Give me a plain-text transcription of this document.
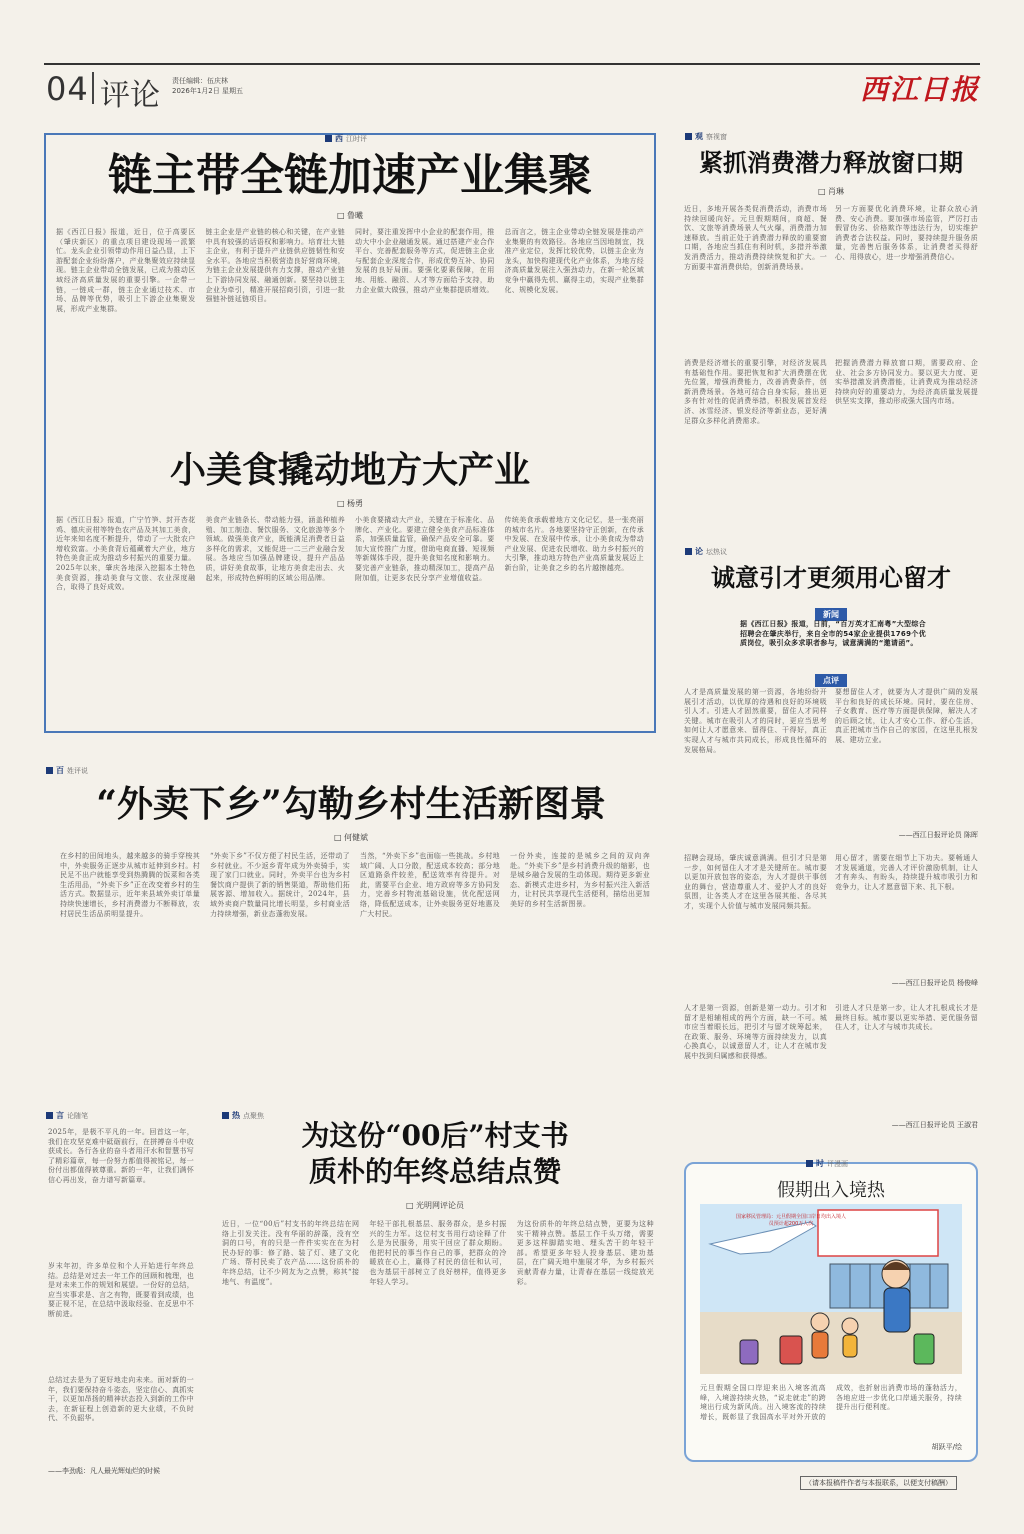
04 评论 责任编辑：伍庆林
2026年1月2日 星期五	西江日报
西 江时评
链主带全链加速产业集聚
□ 鲁曦
据《西江日报》报道，近日，位于高要区（肇庆新区）的重点项目建设现场一派繁忙。龙头企业引领带动作用日益凸显，上下游配套企业纷纷落户，产业集聚效应持续显现。链主企业带动全链发展，已成为推动区域经济高质量发展的重要引擎。一企带一链，一链成一群，链主企业通过技术、市场、品牌等优势，吸引上下游企业集聚发展，形成产业集群。
链主企业是产业链的核心和关键，在产业链中具有较强的话语权和影响力。培育壮大链主企业，有利于提升产业链供应链韧性和安全水平。各地应当积极营造良好营商环境，为链主企业发展提供有力支撑，推动产业链上下游协同发展、融通创新。要坚持以链主企业为牵引，精准开展招商引资，引进一批强链补链延链项目。
同时，要注重发挥中小企业的配套作用，推动大中小企业融通发展。通过搭建产业合作平台、完善配套服务等方式，促进链主企业与配套企业深度合作，形成优势互补、协同发展的良好局面。要强化要素保障，在用地、用能、融资、人才等方面给予支持，助力企业做大做强，推动产业集群提质增效。
总而言之，链主企业带动全链发展是推动产业集聚的有效路径。各地应当因地制宜，找准产业定位，发挥比较优势，以链主企业为龙头，加快构建现代化产业体系，为地方经济高质量发展注入强劲动力，在新一轮区域竞争中赢得先机、赢得主动，实现产业集群化、规模化发展。
小美食撬动地方大产业
□ 杨勇
据《西江日报》报道，广宁竹笋、封开杏花鸡、德庆贡柑等特色农产品及其加工美食，近年来知名度不断提升，带动了一大批农户增收致富。小美食背后蕴藏着大产业，地方特色美食正成为推动乡村振兴的重要力量。2025年以来，肇庆各地深入挖掘本土特色美食资源，推动美食与文旅、农业深度融合，取得了良好成效。
美食产业链条长、带动能力强，涵盖种植养殖、加工制造、餐饮服务、文化旅游等多个领域。做强美食产业，既能满足消费者日益多样化的需求，又能促进一二三产业融合发展。各地应当加强品牌建设，提升产品品质，讲好美食故事，让地方美食走出去、火起来，形成特色鲜明的区域公用品牌。
小美食要撬动大产业，关键在于标准化、品牌化、产业化。要建立健全美食产品标准体系，加强质量监管，确保产品安全可靠。要加大宣传推广力度，借助电商直播、短视频等新媒体手段，提升美食知名度和影响力。要完善产业链条，推动精深加工，提高产品附加值，让更多农民分享产业增值收益。
传统美食承载着地方文化记忆，是一张亮丽的城市名片。各地要坚持守正创新，在传承中发展、在发展中传承，让小美食成为带动产业发展、促进农民增收、助力乡村振兴的大引擎，推动地方特色产业高质量发展迈上新台阶，让美食之乡的名片越擦越亮。
观 察视窗
紧抓消费潜力释放窗口期
□ 肖琳
近日，多地开展各类促消费活动，消费市场持续回暖向好。元旦假期期间，商超、餐饮、文旅等消费场景人气火爆，消费潜力加速释放。当前正处于消费潜力释放的重要窗口期，各地应当抓住有利时机，多措并举激发消费活力，推动消费持续恢复和扩大。一方面要丰富消费供给，创新消费场景。
消费是经济增长的重要引擎，对经济发展具有基础性作用。要把恢复和扩大消费摆在优先位置，增强消费能力，改善消费条件，创新消费场景。各地可结合自身实际，推出更多有针对性的促消费举措，积极发展首发经济、冰雪经济、银发经济等新业态，更好满足群众多样化消费需求。
另一方面要优化消费环境，让群众放心消费、安心消费。要加强市场监管，严厉打击假冒伪劣、价格欺诈等违法行为，切实维护消费者合法权益。同时，要持续提升服务质量，完善售后服务体系，让消费者买得舒心、用得放心，进一步增强消费信心。
把握消费潜力释放窗口期，需要政府、企业、社会多方协同发力。要以更大力度、更实举措激发消费潜能，让消费成为推动经济持续向好的重要动力，为经济高质量发展提供坚实支撑，推动形成强大国内市场。
论 坛热议
诚意引才更须用心留才
新闻
据《西江日报》报道，日前，“百万英才汇南粤”大型综合招聘会在肇庆举行，来自全市的54家企业提供1769个优质岗位，吸引众多求职者参与，诚意满满的“邀请函”。
点评
人才是高质量发展的第一资源，各地纷纷开展引才活动，以优厚的待遇和良好的环境吸引人才。引进人才固然重要，留住人才同样关键。城市在吸引人才的同时，更应当思考如何让人才愿意来、留得住、干得好，真正实现人才与城市共同成长，形成良性循环的发展格局。
要想留住人才，就要为人才提供广阔的发展平台和良好的成长环境。同时，要在住房、子女教育、医疗等方面提供保障，解决人才的后顾之忧，让人才安心工作、舒心生活，真正把城市当作自己的家园，在这里扎根发展、建功立业。
——西江日报评论员 陈晖
招聘会现场，肇庆诚意满满。但引才只是第一步，如何留住人才才是关键所在。城市要以更加开放包容的姿态，为人才提供干事创业的舞台，营造尊重人才、爱护人才的良好氛围，让各类人才在这里各展其能、各尽其才，实现个人价值与城市发展同频共振。
用心留才，需要在细节上下功夫。要畅通人才发展通道，完善人才评价激励机制，让人才有奔头、有盼头，持续提升城市吸引力和竞争力，让人才愿意留下来、扎下根。
——西江日报评论员 杨俊峰
人才是第一资源，创新是第一动力。引才和留才是相辅相成的两个方面，缺一不可。城市应当着眼长远，把引才与留才统筹起来，在政策、服务、环境等方面持续发力，以真心换真心，以诚意留人才，让人才在城市发展中找到归属感和获得感。
引进人才只是第一步，让人才扎根成长才是最终目标。城市要以更实举措、更优服务留住人才，让人才与城市共成长。
——西江日报评论员 王淑君
百 姓评说
“外卖下乡”勾勒乡村生活新图景
□ 何健斌
在乡村的田间地头，越来越多的骑手穿梭其中，外卖服务正逐步从城市延伸到乡村。村民足不出户就能享受到热腾腾的饭菜和各类生活用品，“外卖下乡”正在改变着乡村的生活方式。数据显示，近年来县域外卖订单量持续快速增长，乡村消费潜力不断释放，农村居民生活品质明显提升。
“外卖下乡”不仅方便了村民生活，还带动了乡村就业。不少返乡青年成为外卖骑手，实现了家门口就业。同时，外卖平台也为乡村餐饮商户提供了新的销售渠道，帮助他们拓展客源、增加收入。据统计，2024年，县域外卖商户数量同比增长明显，乡村商业活力持续增强，新业态蓬勃发展。
当然，“外卖下乡”也面临一些挑战。乡村地域广阔、人口分散，配送成本较高；部分地区道路条件较差，配送效率有待提升。对此，需要平台企业、地方政府等多方协同发力，完善乡村物流基础设施，优化配送网络，降低配送成本，让外卖服务更好地惠及广大村民。
一份外卖，连接的是城乡之间的双向奔赴。“外卖下乡”是乡村消费升级的缩影，也是城乡融合发展的生动体现。期待更多新业态、新模式走进乡村，为乡村振兴注入新活力，让村民共享现代生活便利，描绘出更加美好的乡村生活新图景。
言 论随笔
2025年，是极不平凡的一年。回首这一年，我们在攻坚克难中砥砺前行，在拼搏奋斗中收获成长。各行各业的奋斗者用汗水和智慧书写了精彩篇章，每一份努力都值得被铭记，每一份付出都值得被尊重。新的一年，让我们满怀信心再出发，奋力谱写新篇章。
岁末年初，许多单位和个人开始进行年终总结。总结是对过去一年工作的回顾和梳理，也是对未来工作的规划和展望。一份好的总结，应当实事求是、言之有物，既要看到成绩，也要正视不足，在总结中汲取经验、在反思中不断前进。
总结过去是为了更好地走向未来。面对新的一年，我们要保持奋斗姿态，坚定信心、真抓实干，以更加昂扬的精神状态投入到新的工作中去，在新征程上创造新的更大业绩，不负时代、不负韶华。
——李劲彪：凡人最光辉灿烂的时候
热 点聚焦
为这份“00后”村支书
质朴的年终总结点赞
□ 光明网评论员
近日，一位“00后”村支书的年终总结在网络上引发关注。没有华丽的辞藻，没有空洞的口号，有的只是一件件实实在在为村民办好的事：修了路、装了灯、建了文化广场、帮村民卖了农产品……这份质朴的年终总结，让不少网友为之点赞，称其“接地气、有温度”。
年轻干部扎根基层、服务群众，是乡村振兴的生力军。这位村支书用行动诠释了什么是为民服务，用实干回应了群众期盼。他把村民的事当作自己的事，把群众的冷暖放在心上，赢得了村民的信任和认可，也为基层干部树立了良好榜样，值得更多年轻人学习。
为这份质朴的年终总结点赞，更要为这种实干精神点赞。基层工作千头万绪，需要更多这样脚踏实地、埋头苦干的年轻干部。希望更多年轻人投身基层、建功基层，在广阔天地中施展才华，为乡村振兴贡献青春力量，让青春在基层一线绽放光彩。
时 评漫画
假期出入境热
国家移民管理局：元旦假期全国口岸日均出入境人员预计超200万人次
元旦假期全国口岸迎来出入境客流高峰，入境游持续火热，“说走就走”的跨境出行成为新风尚。出入境客流的持续增长，既彰显了我国高水平对外开放的成效，也折射出消费市场的蓬勃活力，各地应进一步优化口岸通关服务，持续提升出行便利度。
胡跃平/绘
（请本报稿件作者与本报联系，以便支付稿酬）
